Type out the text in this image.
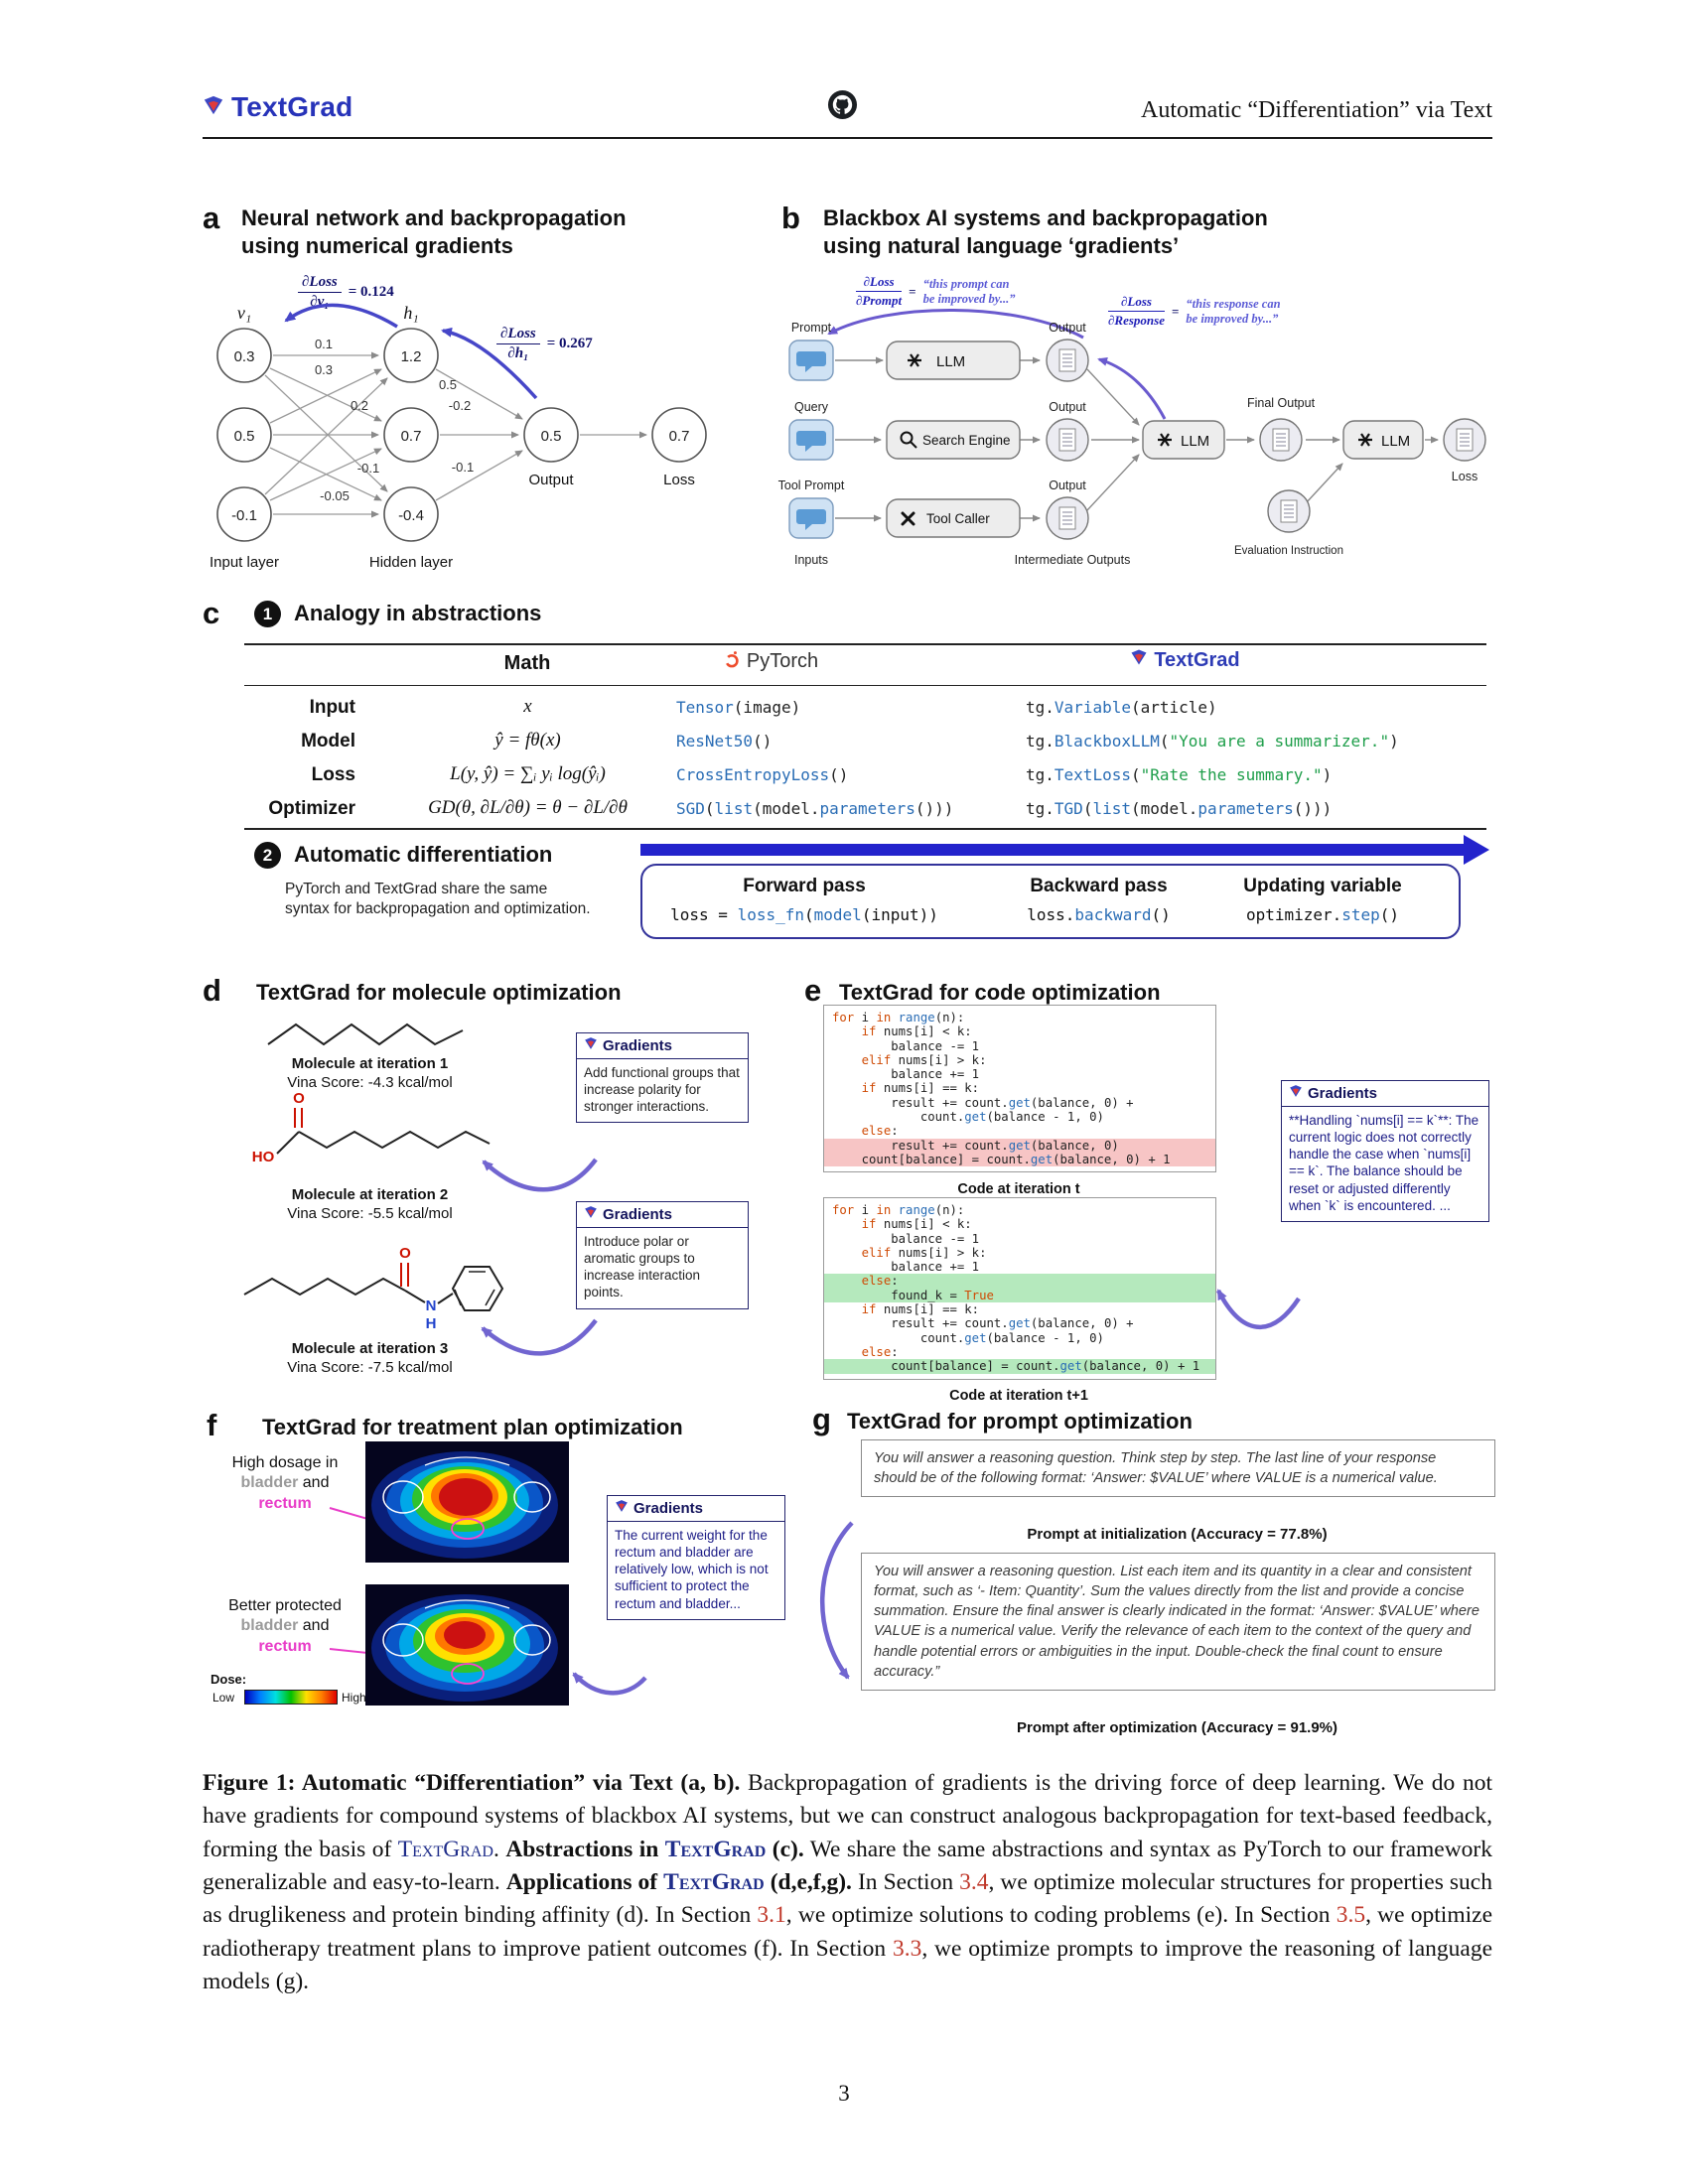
TextGrad	Automatic “Differentiation” via Text
a Neural network and backpropagation
using numerical gradients
$\frac{\text{∂Loss}}{\text{∂v₁}} = 0.124$
$\frac{\text{∂Loss}}{\text{∂h₁}} = 0.267$
0.3
0.5
-0.1
1.2
0.7
-0.4
0.5	0.7
v₁	h₁
0.1
0.3
0.2
-0.1
-0.05
0.5
-0.2
-0.1
Output	Loss
Input layer	Hidden layer
b Blackbox AI systems and backpropagation
using natural language ‘gradients’
$\frac{\text{∂Loss}}{\text{∂Prompt}}$ = “this prompt can
be improved by...”	$\frac{\text{∂Loss}}{\text{∂Response}}$ = “this response can
be improved by...”
LLM
Search Engine
Tool Caller
LLM	LLM
Prompt	Output
Query	Output	Final Output
Tool Prompt	Output
Loss
Inputs	Intermediate Outputs
Evaluation Instruction
c	1 Analogy in abstractions
Math	PyTorch	TextGrad
Input	x	Tensor(image)	tg.Variable(article)
Model	ŷ = fθ(x)	ResNet50()	tg.BlackboxLLM("You are a summarizer.")
Loss	L(y, ŷ) = ∑ᵢ yᵢ log(ŷᵢ)	CrossEntropyLoss()	tg.TextLoss("Rate the summary.")
Optimizer	GD(θ, ∂L/∂θ) = θ − ∂L/∂θ	SGD(list(model.parameters()))	tg.TGD(list(model.parameters()))
2 Automatic differentiation
PyTorch and TextGrad share the same
syntax for backpropagation and optimization.
Forward pass
loss = loss_fn(model(input))
Backward pass
loss.backward()
Updating variable
optimizer.step()
d TextGrad for molecule optimization
Molecule at iteration 1
Vina Score: -4.3 kcal/mol
Gradients
Add functional groups that increase polarity for stronger interactions.
HO
O
Molecule at iteration 2
Vina Score: -5.5 kcal/mol	Gradients
Introduce polar or aromatic groups to increase interaction points.
O
N
H
Molecule at iteration 3
Vina Score: -7.5 kcal/mol
e TextGrad for code optimization
for i in range(n):
if nums[i] < k:
balance -= 1
elif nums[i] > k:
balance += 1
if nums[i] == k:
result += count.get(balance, 0) +
count.get(balance - 1, 0)
else:
result += count.get(balance, 0)
count[balance] = count.get(balance, 0) + 1
Code at iteration t
for i in range(n):
if nums[i] < k:
balance -= 1
elif nums[i] > k:
balance += 1
else:
found_k = True
if nums[i] == k:
result += count.get(balance, 0) +
count.get(balance - 1, 0)
else:
count[balance] = count.get(balance, 0) + 1
Code at iteration t+1
Gradients
**Handling `nums[i] == k`**: The current logic does not correctly handle the case when `nums[i] == k`. The balance should be reset or adjusted differently when `k` is encountered. ...
f TextGrad for treatment plan optimization
High dosage in
bladder and
rectum	Gradients
The current weight for the rectum and bladder are relatively low, which is not sufficient to protect the rectum and bladder...
Better protected
bladder and
rectum
Dose:
Low	High
g TextGrad for prompt optimization
You will answer a reasoning question. Think step by step. The last line of your response should be of the following format: ‘Answer: $VALUE’ where VALUE is a numerical value.
Prompt at initialization (Accuracy = 77.8%)
You will answer a reasoning question. List each item and its quantity in a clear and consistent format, such as ‘- Item: Quantity’. Sum the values directly from the list and provide a concise summation. Ensure the final answer is clearly indicated in the format: ‘Answer: $VALUE’ where VALUE is a numerical value. Verify the relevance of each item to the context of the query and handle potential errors or ambiguities in the input. Double-check the final count to ensure accuracy.”
Prompt after optimization (Accuracy = 91.9%)
Figure 1: Automatic “Differentiation” via Text (a, b). Backpropagation of gradients is the driving force of deep learning. We do not have gradients for compound systems of blackbox AI systems, but we can construct analogous backpropagation for text-based feedback, forming the basis of TextGrad. Abstractions in TextGrad (c). We share the same abstractions and syntax as PyTorch to our framework generalizable and easy-to-learn. Applications of TextGrad (d,e,f,g). In Section 3.4, we optimize molecular structures for properties such as druglikeness and protein binding affinity (d). In Section 3.1, we optimize solutions to coding problems (e). In Section 3.5, we optimize radiotherapy treatment plans to improve patient outcomes (f). In Section 3.3, we optimize prompts to improve the reasoning of language models (g).
3
